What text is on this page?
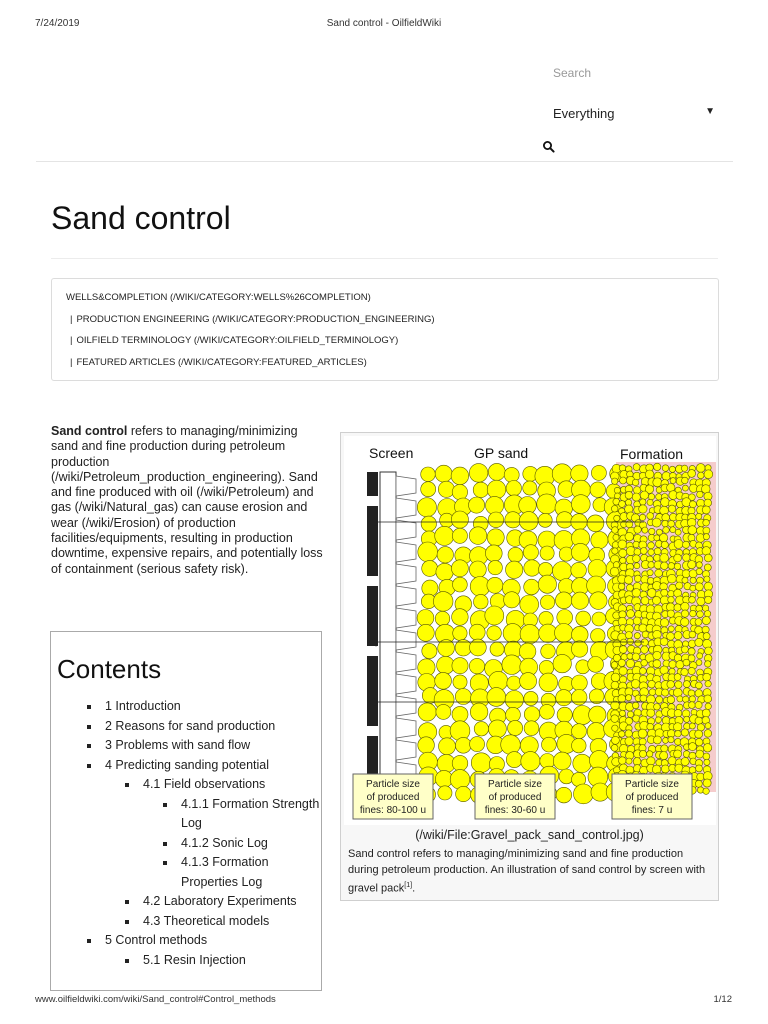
7/24/2019	Sand control - OilfieldWiki
Search
Everything	▼
Sand control
WELLS&COMPLETION (/WIKI/CATEGORY:WELLS%26COMPLETION)
| PRODUCTION ENGINEERING (/WIKI/CATEGORY:PRODUCTION_ENGINEERING)
| OILFIELD TERMINOLOGY (/WIKI/CATEGORY:OILFIELD_TERMINOLOGY)
| FEATURED ARTICLES (/WIKI/CATEGORY:FEATURED_ARTICLES)

Sand control refers to managing/minimizing sand and fine production during petroleum production (/wiki/Petroleum_production_engineering). Sand and fine produced with oil (/wiki/Petroleum) and gas (/wiki/Natural_gas) can cause erosion and wear (/wiki/Erosion) of production facilities/equipments, resulting in production downtime, expensive repairs, and potentially loss of containment (serious safety risk).

Contents
1 Introduction
2 Reasons for sand production
3 Problems with sand flow
4 Predicting sanding potential
4.1 Field observations
4.1.1 Formation Strength Log
4.1.2 Sonic Log
4.1.3 Formation Properties Log
4.2 Laboratory Experiments
4.3 Theoretical models
5 Control methods
5.1 Resin Injection
Screen	GP sand	Formation
Particle size
of produced
fines: 80-100 u
Particle size
of produced
fines: 30-60 u
Particle size
of produced
fines: 7 u
(/wiki/File:Gravel_pack_sand_control.jpg)

Sand control refers to managing/minimizing sand and fine production during petroleum production. An illustration of sand control by screen with gravel pack[1].

www.oilfieldwiki.com/wiki/Sand_control#Control_methods	1/12
